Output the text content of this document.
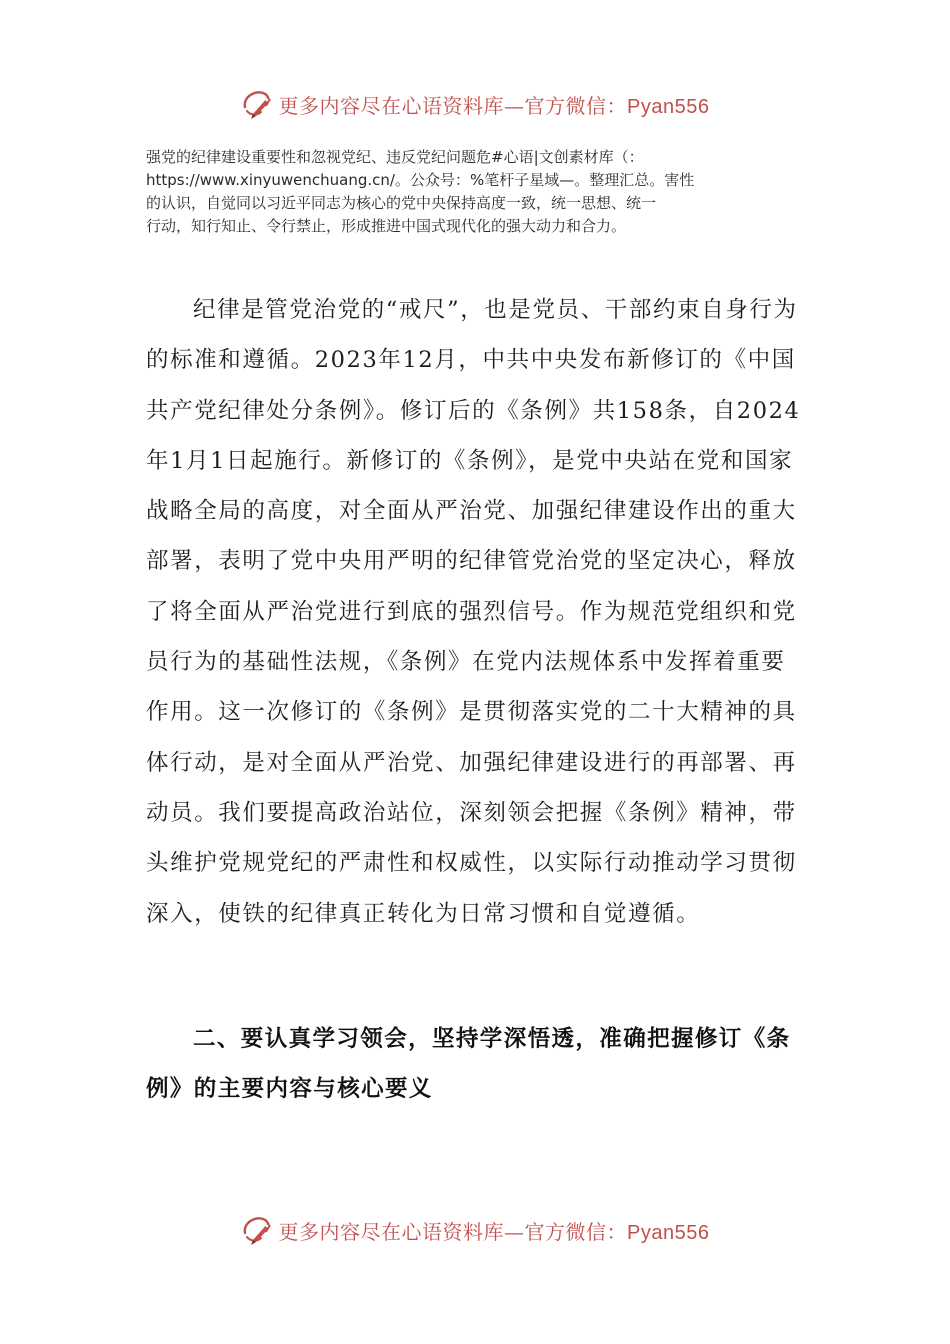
更多内容尽在心语资料库—官方微信：Pyan556
强党的纪律建设重要性和忽视党纪、违反党纪问题危#心语|文创素材库（：
https://www.xinyuwenchuang.cn/。公众号：%笔杆子星域—。整理汇总。害性
的认识，自觉同以习近平同志为核心的党中央保持高度一致，统一思想、统一
行动，知行知止、令行禁止，形成推进中国式现代化的强大动力和合力。

纪律是管党治党的“戒尺”，也是党员、干部约束自身行为的标准和遵循。2023年12月，中共中央发布新修订的《中国共产党纪律处分条例》。修订后的《条例》共158条，自2024年1月1日起施行。新修订的《条例》，是党中央站在党和国家战略全局的高度，对全面从严治党、加强纪律建设作出的重大部署，表明了党中央用严明的纪律管党治党的坚定决心，释放了将全面从严治党进行到底的强烈信号。作为规范党组织和党员行为的基础性法规，《条例》在党内法规体系中发挥着重要作用。这一次修订的《条例》是贯彻落实党的二十大精神的具体行动，是对全面从严治党、加强纪律建设进行的再部署、再动员。我们要提高政治站位，深刻领会把握《条例》精神，带头维护党规党纪的严肃性和权威性，以实际行动推动学习贯彻深入，使铁的纪律真正转化为日常习惯和自觉遵循。

二、要认真学习领会，坚持学深悟透，准确把握修订《条例》的主要内容与核心要义

更多内容尽在心语资料库—官方微信：Pyan556
